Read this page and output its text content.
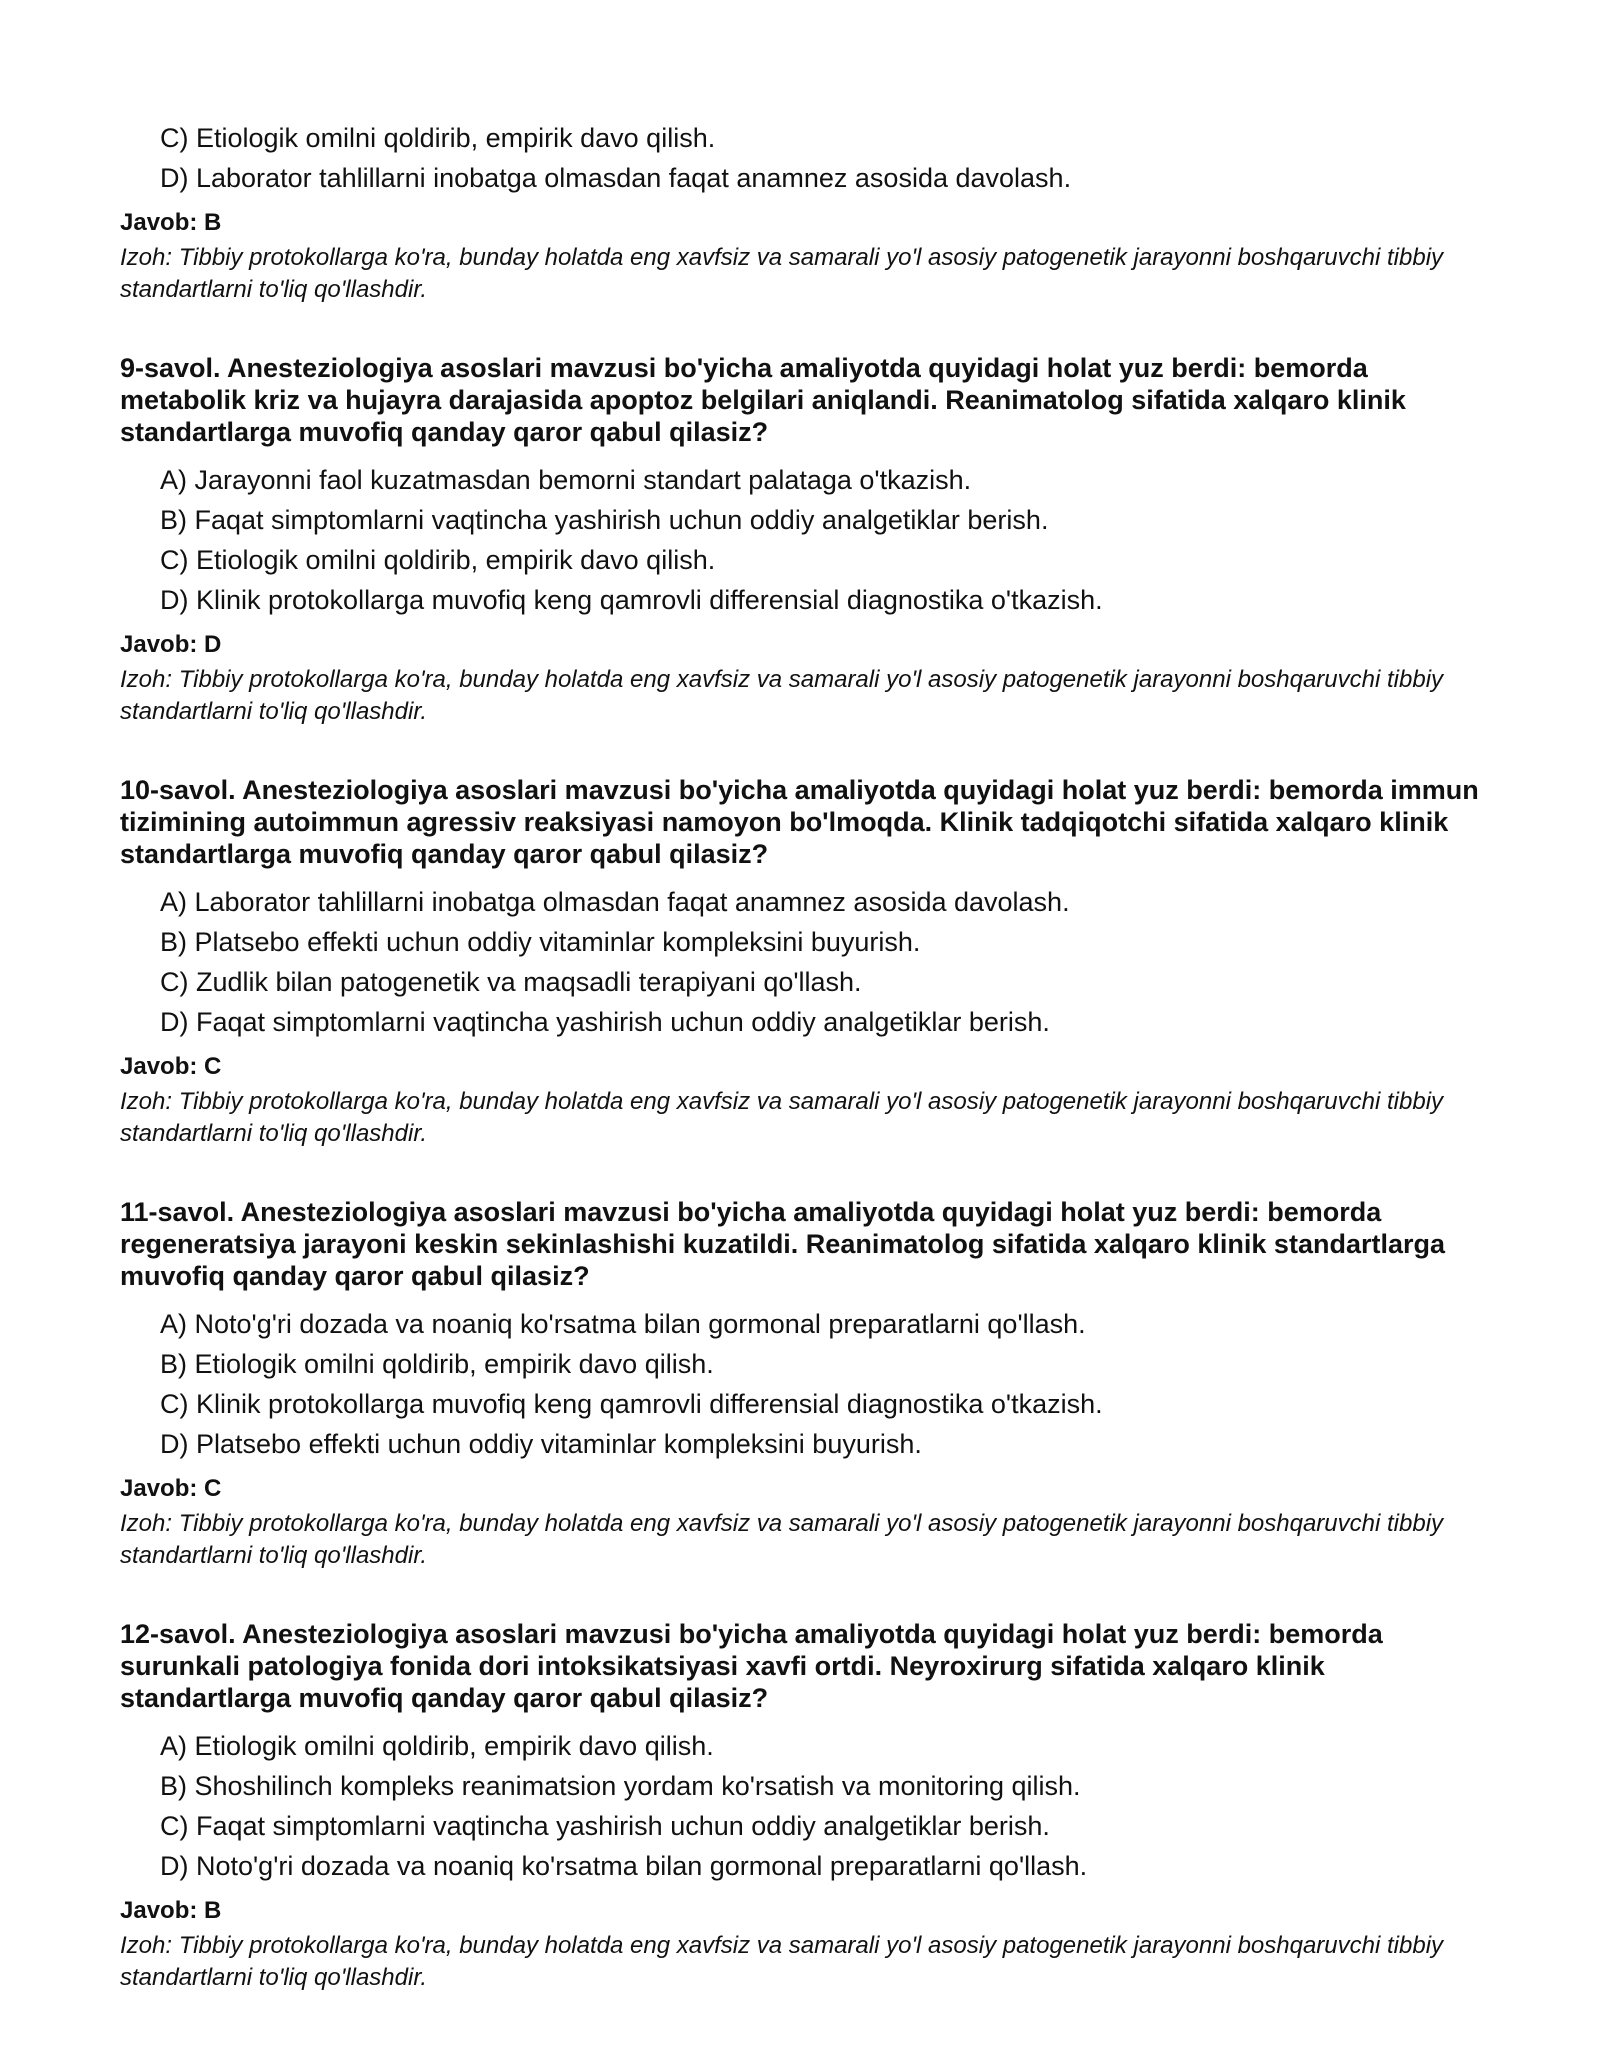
C) Etiologik omilni qoldirib, empirik davo qilish.
D) Laborator tahlillarni inobatga olmasdan faqat anamnez asosida davolash.
Javob: B
Izoh: Tibbiy protokollarga ko'ra, bunday holatda eng xavfsiz va samarali yo'l asosiy patogenetik jarayonni boshqaruvchi tibbiy standartlarni to'liq qo'llashdir.
9-savol. Anesteziologiya asoslari mavzusi bo'yicha amaliyotda quyidagi holat yuz berdi: bemorda metabolik kriz va hujayra darajasida apoptoz belgilari aniqlandi. Reanimatolog sifatida xalqaro klinik standartlarga muvofiq qanday qaror qabul qilasiz?
A) Jarayonni faol kuzatmasdan bemorni standart palataga o'tkazish.
B) Faqat simptomlarni vaqtincha yashirish uchun oddiy analgetiklar berish.
C) Etiologik omilni qoldirib, empirik davo qilish.
D) Klinik protokollarga muvofiq keng qamrovli differensial diagnostika o'tkazish.
Javob: D
Izoh: Tibbiy protokollarga ko'ra, bunday holatda eng xavfsiz va samarali yo'l asosiy patogenetik jarayonni boshqaruvchi tibbiy standartlarni to'liq qo'llashdir.
10-savol. Anesteziologiya asoslari mavzusi bo'yicha amaliyotda quyidagi holat yuz berdi: bemorda immun tizimining autoimmun agressiv reaksiyasi namoyon bo'lmoqda. Klinik tadqiqotchi sifatida xalqaro klinik standartlarga muvofiq qanday qaror qabul qilasiz?
A) Laborator tahlillarni inobatga olmasdan faqat anamnez asosida davolash.
B) Platsebo effekti uchun oddiy vitaminlar kompleksini buyurish.
C) Zudlik bilan patogenetik va maqsadli terapiyani qo'llash.
D) Faqat simptomlarni vaqtincha yashirish uchun oddiy analgetiklar berish.
Javob: C
Izoh: Tibbiy protokollarga ko'ra, bunday holatda eng xavfsiz va samarali yo'l asosiy patogenetik jarayonni boshqaruvchi tibbiy standartlarni to'liq qo'llashdir.
11-savol. Anesteziologiya asoslari mavzusi bo'yicha amaliyotda quyidagi holat yuz berdi: bemorda regeneratsiya jarayoni keskin sekinlashishi kuzatildi. Reanimatolog sifatida xalqaro klinik standartlarga muvofiq qanday qaror qabul qilasiz?
A) Noto'g'ri dozada va noaniq ko'rsatma bilan gormonal preparatlarni qo'llash.
B) Etiologik omilni qoldirib, empirik davo qilish.
C) Klinik protokollarga muvofiq keng qamrovli differensial diagnostika o'tkazish.
D) Platsebo effekti uchun oddiy vitaminlar kompleksini buyurish.
Javob: C
Izoh: Tibbiy protokollarga ko'ra, bunday holatda eng xavfsiz va samarali yo'l asosiy patogenetik jarayonni boshqaruvchi tibbiy standartlarni to'liq qo'llashdir.
12-savol. Anesteziologiya asoslari mavzusi bo'yicha amaliyotda quyidagi holat yuz berdi: bemorda surunkali patologiya fonida dori intoksikatsiyasi xavfi ortdi. Neyroxirurg sifatida xalqaro klinik standartlarga muvofiq qanday qaror qabul qilasiz?
A) Etiologik omilni qoldirib, empirik davo qilish.
B) Shoshilinch kompleks reanimatsion yordam ko'rsatish va monitoring qilish.
C) Faqat simptomlarni vaqtincha yashirish uchun oddiy analgetiklar berish.
D) Noto'g'ri dozada va noaniq ko'rsatma bilan gormonal preparatlarni qo'llash.
Javob: B
Izoh: Tibbiy protokollarga ko'ra, bunday holatda eng xavfsiz va samarali yo'l asosiy patogenetik jarayonni boshqaruvchi tibbiy standartlarni to'liq qo'llashdir.
